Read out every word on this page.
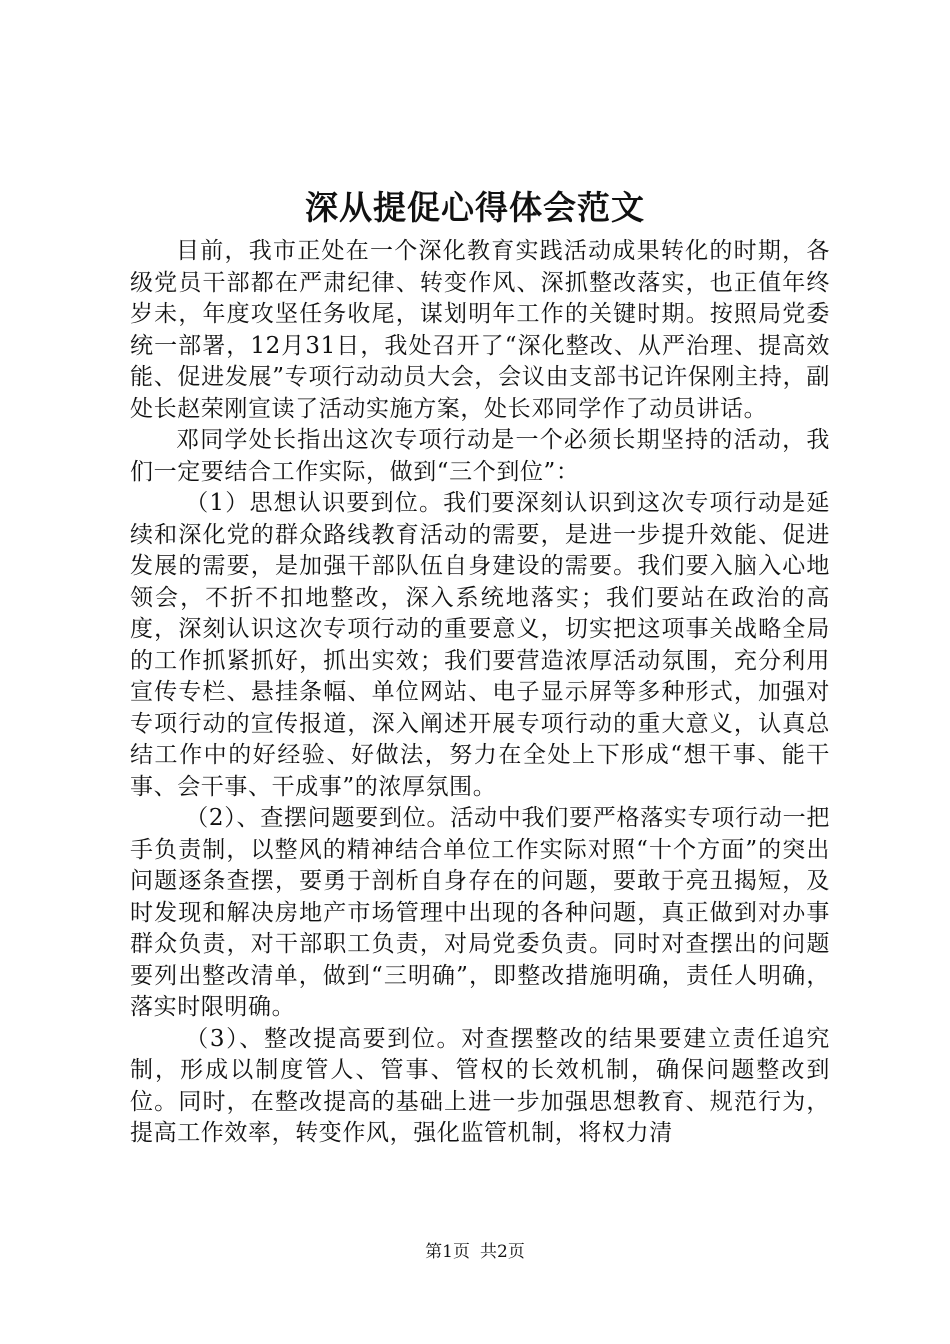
深从提促心得体会范文

目前，我市正处在一个深化教育实践活动成果转化的时期，各级党员干部都在严肃纪律、转变作风、深抓整改落实，也正值年终岁未，年度攻坚任务收尾，谋划明年工作的关键时期。按照局党委统一部署，12月31日，我处召开了“深化整改、从严治理、提高效能、促进发展”专项行动动员大会，会议由支部书记许保刚主持，副处长赵荣刚宣读了活动实施方案，处长邓同学作了动员讲话。

邓同学处长指出这次专项行动是一个必须长期坚持的活动，我们一定要结合工作实际，做到“三个到位”：

（1）思想认识要到位。我们要深刻认识到这次专项行动是延续和深化党的群众路线教育活动的需要，是进一步提升效能、促进发展的需要，是加强干部队伍自身建设的需要。我们要入脑入心地领会，不折不扣地整改，深入系统地落实；我们要站在政治的高度，深刻认识这次专项行动的重要意义，切实把这项事关战略全局的工作抓紧抓好，抓出实效；我们要营造浓厚活动氛围，充分利用宣传专栏、悬挂条幅、单位网站、电子显示屏等多种形式，加强对专项行动的宣传报道，深入阐述开展专项行动的重大意义，认真总结工作中的好经验、好做法，努力在全处上下形成“想干事、能干事、会干事、干成事”的浓厚氛围。

（2）、查摆问题要到位。活动中我们要严格落实专项行动一把手负责制，以整风的精神结合单位工作实际对照“十个方面”的突出问题逐条查摆，要勇于剖析自身存在的问题，要敢于亮丑揭短，及时发现和解决房地产市场管理中出现的各种问题，真正做到对办事群众负责，对干部职工负责，对局党委负责。同时对查摆出的问题要列出整改清单，做到“三明确”，即整改措施明确，责任人明确，落实时限明确。

（3）、整改提高要到位。对查摆整改的结果要建立责任追究制，形成以制度管人、管事、管权的长效机制，确保问题整改到位。同时，在整改提高的基础上进一步加强思想教育、规范行为，提高工作效率，转变作风，强化监管机制，将权力清

第1页 共2页
